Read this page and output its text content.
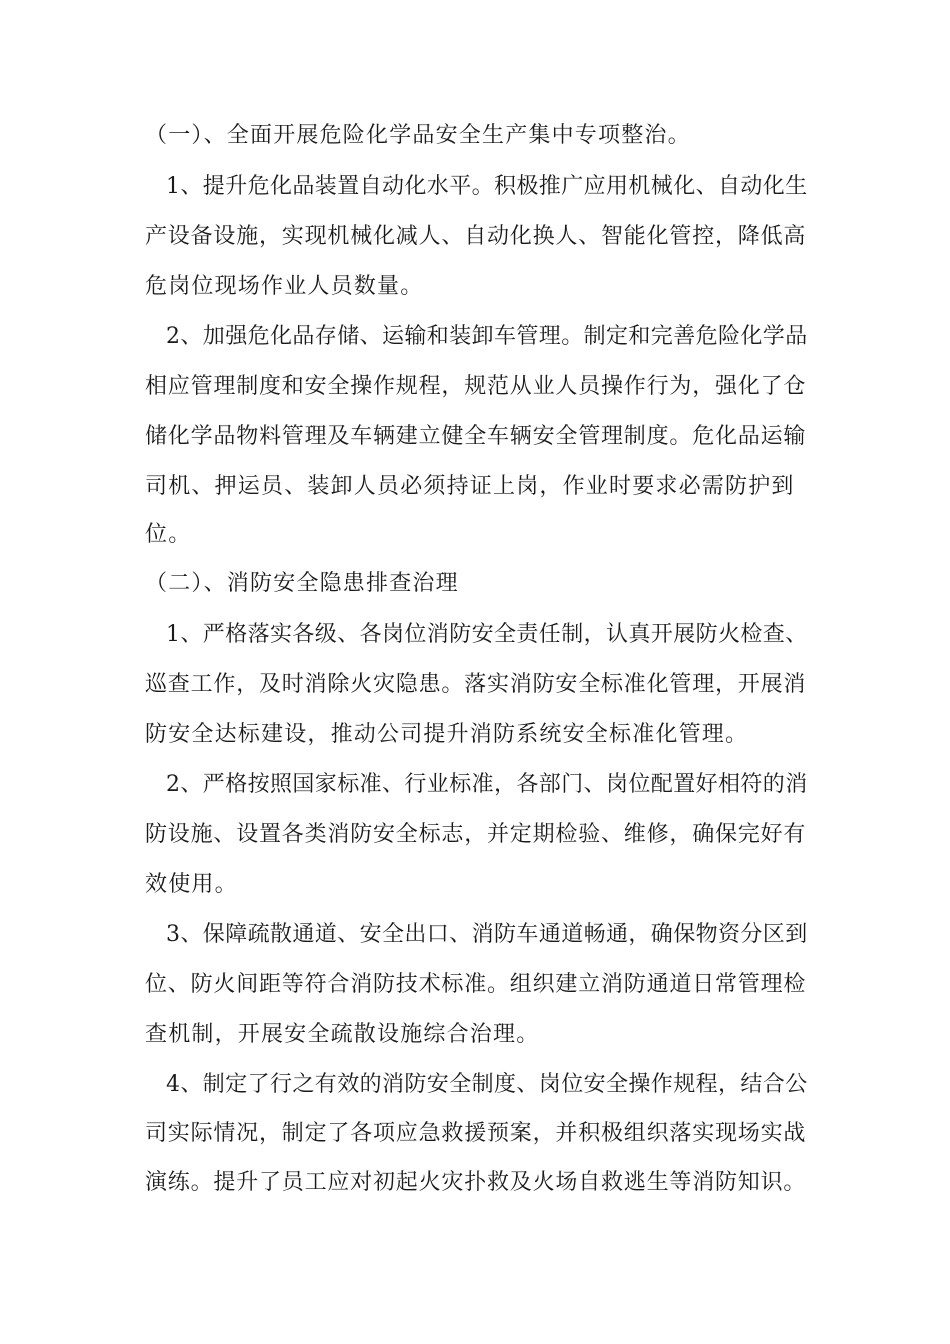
（一）、全面开展危险化学品安全生产集中专项整治。
1、提升危化品装置自动化水平。积极推广应用机械化、自动化生
产设备设施，实现机械化减人、自动化换人、智能化管控，降低高
危岗位现场作业人员数量。
2、加强危化品存储、运输和装卸车管理。制定和完善危险化学品
相应管理制度和安全操作规程，规范从业人员操作行为，强化了仓
储化学品物料管理及车辆建立健全车辆安全管理制度。危化品运输
司机、押运员、装卸人员必须持证上岗，作业时要求必需防护到
位。
（二）、消防安全隐患排查治理
1、严格落实各级、各岗位消防安全责任制，认真开展防火检查、
巡查工作，及时消除火灾隐患。落实消防安全标准化管理，开展消
防安全达标建设，推动公司提升消防系统安全标准化管理。
2、严格按照国家标准、行业标准，各部门、岗位配置好相符的消
防设施、设置各类消防安全标志，并定期检验、维修，确保完好有
效使用。
3、保障疏散通道、安全出口、消防车通道畅通，确保物资分区到
位、防火间距等符合消防技术标准。组织建立消防通道日常管理检
查机制，开展安全疏散设施综合治理。
4、制定了行之有效的消防安全制度、岗位安全操作规程，结合公
司实际情况，制定了各项应急救援预案，并积极组织落实现场实战
演练。提升了员工应对初起火灾扑救及火场自救逃生等消防知识。
